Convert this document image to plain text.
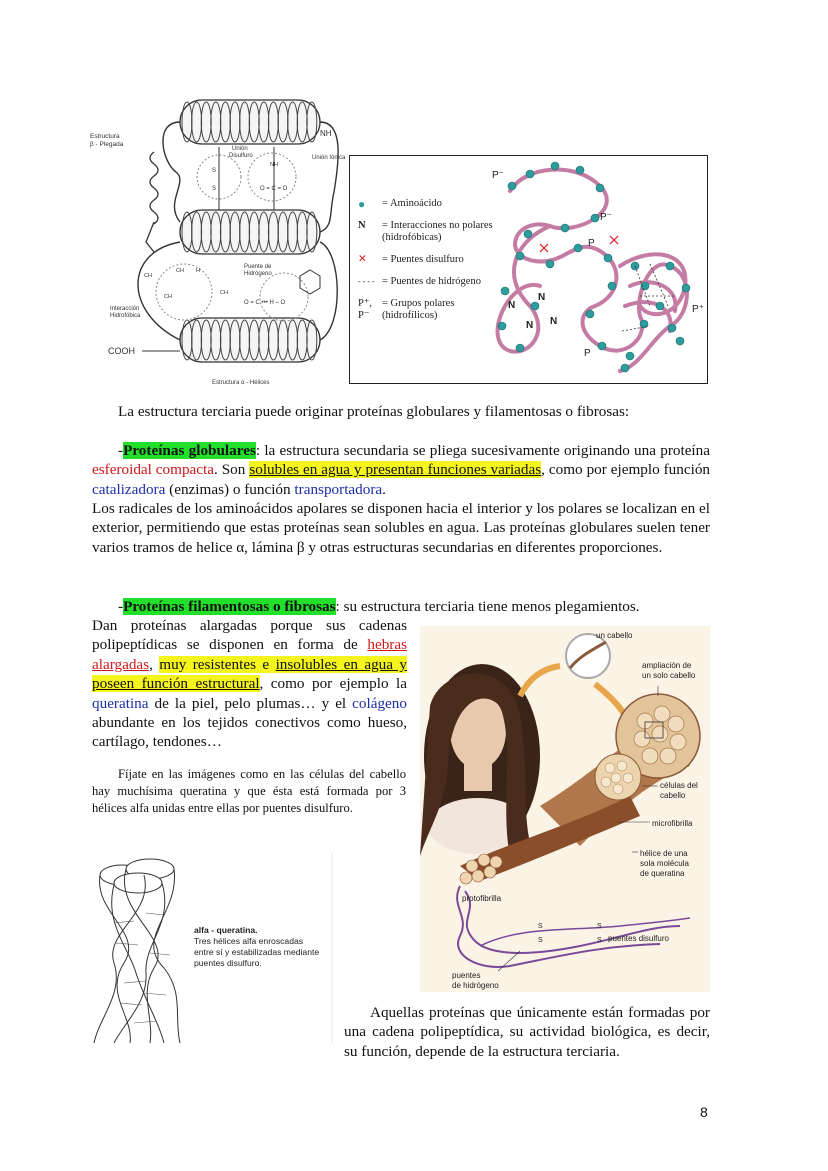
Estructura
β - Plegada
Unión
Disulfuro	Unión Iónica
NH
NH
S
S	O = C = O
Puente de
Hidrógeno
O = C ••• H – O
CH
CH H
CH
CH
Interacción
Hidrofóbica
COOH
Estructura α - Hélices
P⁻
P⁻
P
P⁺
P
N
N
N N
●	= Aminoácido
N	= Interacciones no polares
(hidrofóbicas)
✕	= Puentes disulfuro
- - - - = Puentes de hidrógeno
P⁺, P⁻
= Grupos polares
(hidrofílicos)
La estructura terciaria puede originar proteínas globulares y filamentosas o fibrosas:
-Proteínas globulares: la estructura secundaria se pliega sucesivamente originando una proteína esferoidal compacta. Son solubles en agua y presentan funciones variadas, como por ejemplo función catalizadora (enzimas) o función transportadora.
Los radicales de los aminoácidos apolares se disponen hacia el interior y los polares se localizan en el exterior, permitiendo que estas proteínas sean solubles en agua. Las proteínas globulares suelen tener varios tramos de helice α, lámina β y otras estructuras secundarias en diferentes proporciones.
-Proteínas filamentosas o fibrosas: su estructura terciaria tiene menos plegamientos.
Dan proteínas alargadas porque sus cadenas polipeptídicas se disponen en forma de hebras alargadas, muy resistentes e insolubles en agua y poseen función estructural, como por ejemplo la queratina de la piel, pelo plumas… y el colágeno abundante en los tejidos conectivos como hueso, cartílago, tendones…
Fíjate en las imágenes como en las células del cabello hay muchísima queratina y que ésta está formada por 3 hélices alfa unidas entre ellas por puentes disulfuro.
un cabello
ampliación de
un solo cabello
células del
cabello
microfibrilla
hélice de una
sola molécula
de queratina
protofibrilla
S
S
S
S puentes disulfuro
puentes
de hidrógeno
alfa - queratina.
Tres hélices alfa enroscadas
entre sí y estabilizadas mediante
puentes disulfuro.
Aquellas proteínas que únicamente están formadas por una cadena polipeptídica, su actividad biológica, es decir, su función, depende de la estructura terciaria.
8
